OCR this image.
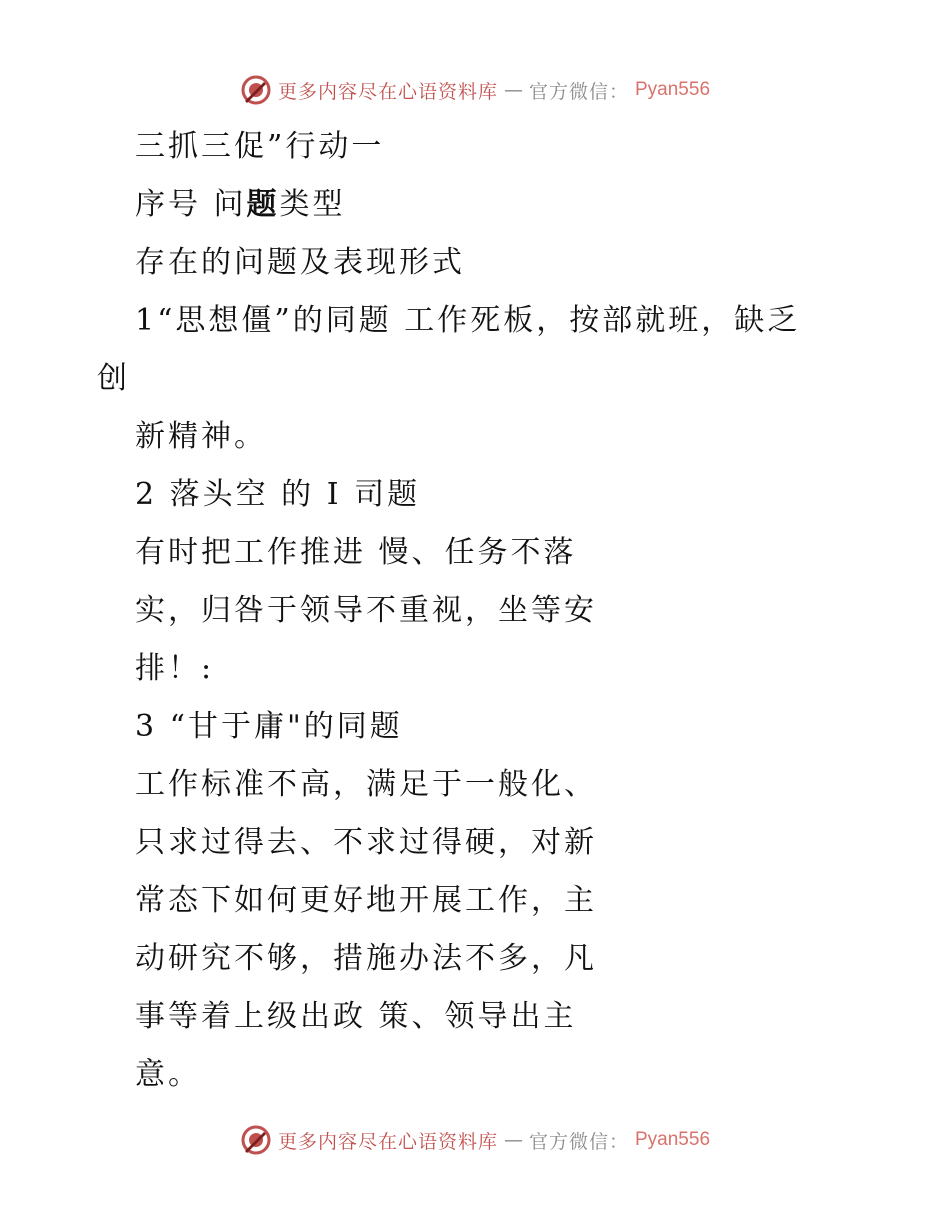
更多内容尽在心语资料库 — 官方微信： Pyan556
三抓三促”行动一
序号 问题类型
存在的问题及表现形式
1“思想僵”的同题 工作死板，按部就班，缺乏
创
新精神。
2 落头空 的 I 司题
有时把工作推进 慢、任务不落
实，归咎于领导不重视，坐等安
排！:
3 “甘于庸"的同题
工作标准不高，满足于一般化、
只求过得去、不求过得硬，对新
常态下如何更好地开展工作，主
动研究不够，措施办法不多，凡
事等着上级出政 策、领导出主
意。
更多内容尽在心语资料库 — 官方微信： Pyan556
